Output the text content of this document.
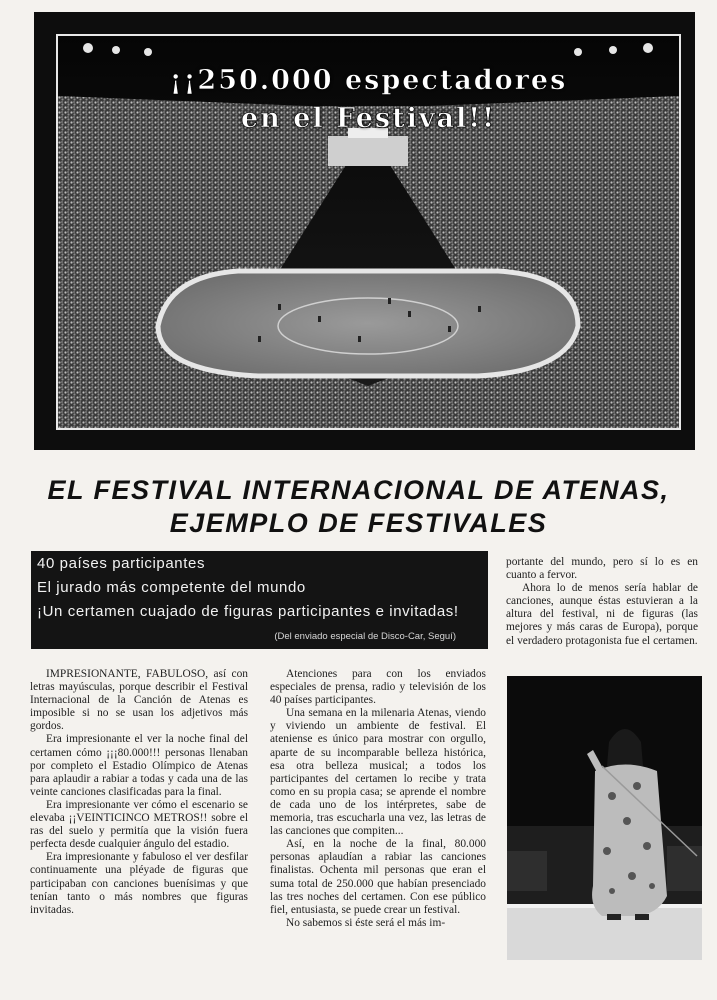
¡¡250.000 espectadores
en el Festival!!
EL FESTIVAL INTERNACIONAL DE ATENAS,
EJEMPLO DE FESTIVALES
40 países participantes
El jurado más competente del mundo
¡Un certamen cuajado de figuras participantes e invitadas!
(Del enviado especial de Disco-Car, Seguí)

IMPRESIONANTE, FABULOSO, así con letras mayúsculas, porque describir el Festival Internacional de la Canción de Atenas es imposible si no se usan los adjetivos más gordos.

Era impresionante el ver la noche final del certamen cómo ¡¡¡80.000!!! personas llenaban por completo el Estadio Olímpico de Atenas para aplaudir a rabiar a todas y cada una de las veinte canciones clasificadas para la final.

Era impresionante ver cómo el escenario se elevaba ¡¡VEINTICINCO METROS!! sobre el ras del suelo y permitía que la visión fuera perfecta desde cualquier ángulo del estadio.

Era impresionante y fabuloso el ver desfilar continuamente una pléyade de figuras que participaban con canciones buenísimas y que tenían tanto o más nombres que figuras invitadas.

Atenciones para con los enviados especiales de prensa, radio y televisión de los 40 países participantes.

Una semana en la milenaria Atenas, viendo y viviendo un ambiente de festival. El ateniense es único para mostrar con orgullo, aparte de su incomparable belleza histórica, esa otra belleza musical; a todos los participantes del certamen lo recibe y trata como en su propia casa; se aprende el nombre de cada uno de los intérpretes, sabe de memoria, tras escucharla una vez, las letras de las canciones que compiten...

Así, en la noche de la final, 80.000 personas aplaudían a rabiar las canciones finalistas. Ochenta mil personas que eran el suma total de 250.000 que habían presenciado las tres noches del certamen. Con ese público fiel, entusiasta, se puede crear un festival.

No sabemos si éste será el más im-

portante del mundo, pero sí lo es en cuanto a fervor.

Ahora lo de menos sería hablar de canciones, aunque éstas estuvieran a la altura del festival, ni de figuras (las mejores y más caras de Europa), porque el verdadero protagonista fue el certamen.
